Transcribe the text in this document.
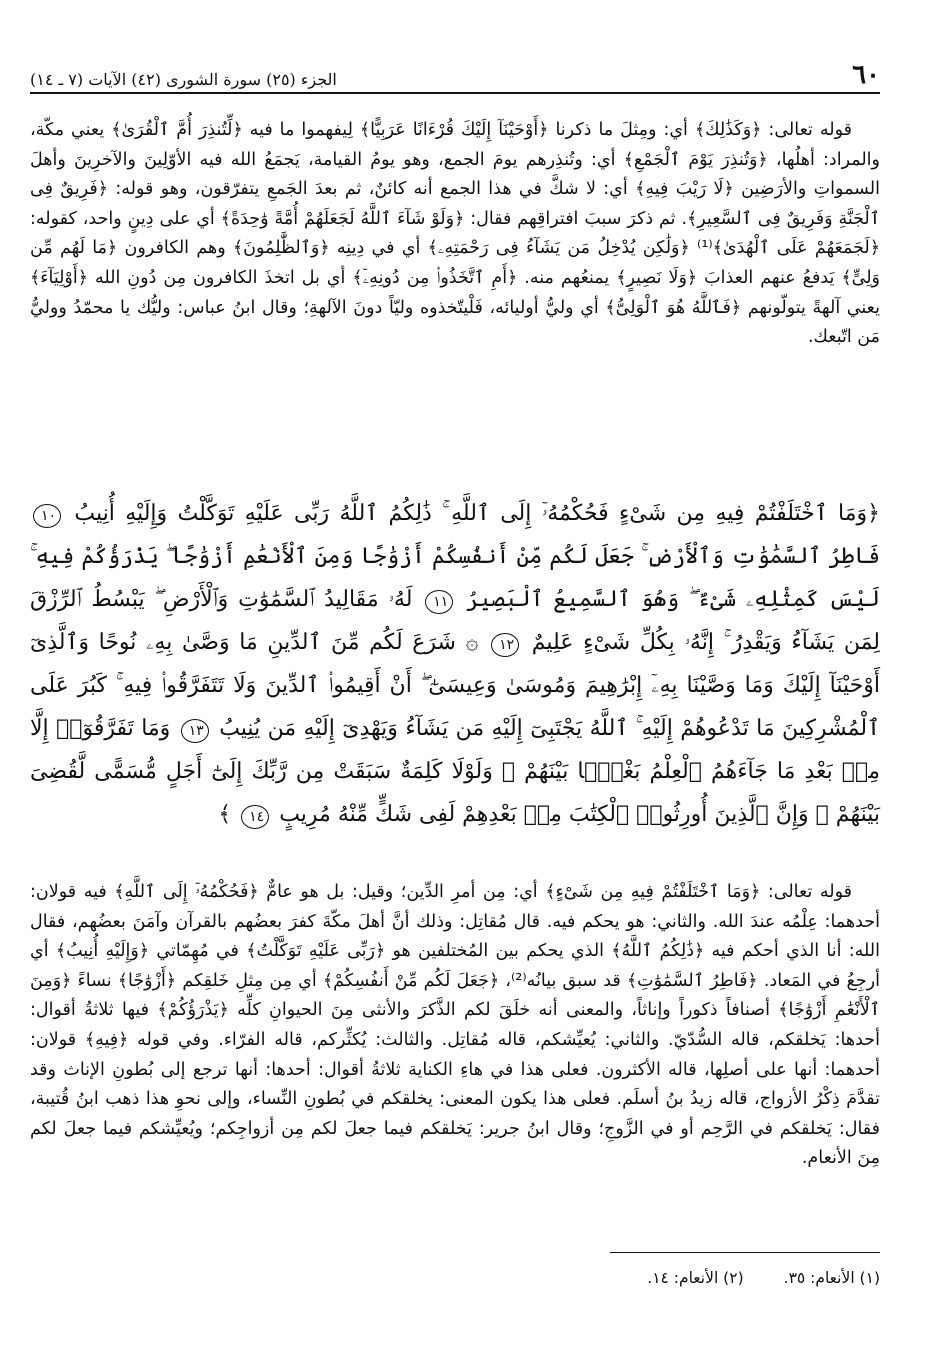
٦٠
الجزء (٢٥) سورة الشورى (٤٢) الآيات (٧ ـ ١٤)

قوله تعالى: ﴿وَكَذَٰلِكَ﴾ أي: ومِثلَ ما ذكرنا ﴿أَوْحَيْنَآ إِلَيْكَ قُرْءَانًا عَرَبِيًّا﴾ لِيفهموا ما فيه ﴿لِّتُنذِرَ أُمَّ ٱلْقُرَىٰ﴾ يعني مكّة، والمراد: أهلُها، ﴿وَتُنذِرَ يَوْمَ ٱلْجَمْعِ﴾ أي: وتُنذِرهم يومَ الجمع، وهو يومُ القيامة، يَجمَعُ الله فيه الأوّلِينَ والآخرِينَ وأهلَ السمواتِ والأرَضِين ﴿لَا رَيْبَ فِيهِ﴾ أي: لا شكَّ في هذا الجمع أنه كائنٌ، ثم بعدَ الجَمعِ يتفرّقون، وهو قوله: ﴿فَرِيقٌ فِى ٱلْجَنَّةِ وَفَرِيقٌ فِى ٱلسَّعِيرِ﴾. ثم ذكرَ سببَ افتراقِهم فقال: ﴿وَلَوْ شَآءَ ٱللَّهُ لَجَعَلَهُمْ أُمَّةً وَٰحِدَةً﴾ أي على دِينٍ واحد، كقوله: ﴿لَجَمَعَهُمْ عَلَى ٱلْهُدَىٰ﴾⁽¹⁾ ﴿وَلَٰكِن يُدْخِلُ مَن يَشَآءُ فِى رَحْمَتِهِۦ﴾ أي في دِينِه ﴿وَٱلظَّٰلِمُونَ﴾ وهم الكافرون ﴿مَا لَهُم مِّن وَلِىٍّ﴾ يَدفعُ عنهم العذابَ ﴿وَلَا نَصِيرٍ﴾ يمنعُهم منه. ﴿أَمِ ٱتَّخَذُوا۟ مِن دُونِهِۦٓ﴾ أي بل اتخذَ الكافرون مِن دُونِ الله ﴿أَوْلِيَآءَ﴾ يعني آلهةً يتولّونهم ﴿فَٱللَّهُ هُوَ ٱلْوَلِىُّ﴾ أي وليُّ أوليائه، فَلْيتّخذوه وليّاً دونَ الآلهةِ؛ وقال ابنُ عباس: وليُّك يا محمّدُ ووليُّ مَن اتّبعك.

﴿وَمَا ٱخْتَلَفْتُمْ فِيهِ مِن شَىْءٍ فَحُكْمُهُۥٓ إِلَى ٱللَّهِ ۚ ذَٰلِكُمُ ٱللَّهُ رَبِّى عَلَيْهِ تَوَكَّلْتُ وَإِلَيْهِ أُنِيبُ ١٠ فَاطِرُ ٱلسَّمَٰوَٰتِ وَٱلْأَرْضِ ۚ جَعَلَ لَكُم مِّنْ أَنفُسِكُمْ أَزْوَٰجًا وَمِنَ ٱلْأَنْعَٰمِ أَزْوَٰجًا ۖ يَذْرَؤُكُمْ فِيهِ ۚ لَيْسَ كَمِثْلِهِۦ شَىْءٌ ۖ وَهُوَ ٱلسَّمِيعُ ٱلْبَصِيرُ ١١ لَهُۥ مَقَالِيدُ ٱلسَّمَٰوَٰتِ وَٱلْأَرْضِ ۖ يَبْسُطُ ٱلرِّزْقَ لِمَن يَشَآءُ وَيَقْدِرُ ۚ إِنَّهُۥ بِكُلِّ شَىْءٍ عَلِيمٌ ١٢ ۞ شَرَعَ لَكُم مِّنَ ٱلدِّينِ مَا وَصَّىٰ بِهِۦ نُوحًا وَٱلَّذِىٓ أَوْحَيْنَآ إِلَيْكَ وَمَا وَصَّيْنَا بِهِۦٓ إِبْرَٰهِيمَ وَمُوسَىٰ وَعِيسَىٰٓ ۖ أَنْ أَقِيمُوا۟ ٱلدِّينَ وَلَا تَتَفَرَّقُوا۟ فِيهِ ۚ كَبُرَ عَلَى ٱلْمُشْرِكِينَ مَا تَدْعُوهُمْ إِلَيْهِ ۚ ٱللَّهُ يَجْتَبِىٓ إِلَيْهِ مَن يَشَآءُ وَيَهْدِىٓ إِلَيْهِ مَن يُنِيبُ ١٣ وَمَا تَفَرَّقُوٓا۟ إِلَّا مِنۢ بَعْدِ مَا جَآءَهُمُ ٱلْعِلْمُ بَغْيًۢا بَيْنَهُمْ ۚ وَلَوْلَا كَلِمَةٌ سَبَقَتْ مِن رَّبِّكَ إِلَىٰٓ أَجَلٍ مُّسَمًّى لَّقُضِىَ بَيْنَهُمْ ۚ وَإِنَّ ٱلَّذِينَ أُورِثُوا۟ ٱلْكِتَٰبَ مِنۢ بَعْدِهِمْ لَفِى شَكٍّ مِّنْهُ مُرِيبٍ ١٤ ﴾

قوله تعالى: ﴿وَمَا ٱخْتَلَفْتُمْ فِيهِ مِن شَىْءٍ﴾ أي: مِن أمرِ الدِّين؛ وقيل: بل هو عامٌّ ﴿فَحُكْمُهُۥٓ إِلَى ٱللَّهِ﴾ فيه قولان: أحدهما: عِلْمُه عندَ الله. والثاني: هو يحكم فيه. قال مُقاتِل: وذلك أنَّ أهلَ مكّةَ كفرَ بعضُهم بالقرآن وآمَنَ بعضُهم، فقال الله: أنا الذي أحكم فيه ﴿ذَٰلِكُمُ ٱللَّهُ﴾ الذي يحكم بين المُختلفين هو ﴿رَبِّى عَلَيْهِ تَوَكَّلْتُ﴾ في مُهِمّاتي ﴿وَإِلَيْهِ أُنِيبُ﴾ أي أرجِعُ في المَعاد. ﴿فَاطِرُ ٱلسَّمَٰوَٰتِ﴾ قد سبق بيانُه⁽²⁾، ﴿جَعَلَ لَكُم مِّنْ أَنفُسِكُمْ﴾ أي مِن مِثلِ خَلقِكم ﴿أَزْوَٰجًا﴾ نساءً ﴿وَمِنَ ٱلْأَنْعَٰمِ أَزْوَٰجًا﴾ أصنافاً ذكوراً وإناثاً، والمعنى أنه خلَقَ لكم الذَّكرَ والأنثى مِنَ الحيوانِ كلِّه ﴿يَذْرَؤُكُمْ﴾ فيها ثلاثةُ أقوال: أحدها: يَخلقكم، قاله السُّدّيّ. والثاني: يُعيِّشكم، قاله مُقاتِل. والثالث: يُكثِّركم، قاله الفرّاء. وفي قوله ﴿فِيهِ﴾ قولان: أحدهما: أنها على أصلِها، قاله الأكثرون. فعلى هذا في هاءِ الكناية ثلاثةُ أقوال: أحدها: أنها ترجع إلى بُطونِ الإناث وقد تقدَّمَ ذِكْرُ الأزواج، قاله زيدُ بنُ أسلَم. فعلى هذا يكون المعنى: يخلقكم في بُطونِ النِّساء، وإلى نحوِ هذا ذهب ابنُ قُتيبة، فقال: يَخلقكم في الرَّحِم أو في الزَّوجِ؛ وقال ابنُ جرير: يَخلقكم فيما جعلَ لكم مِن أزواجِكم؛ ويُعيِّشكم فيما جعلَ لكم مِنَ الأنعام.

(١) الأنعام: ٣٥.
(٢) الأنعام: ١٤.
